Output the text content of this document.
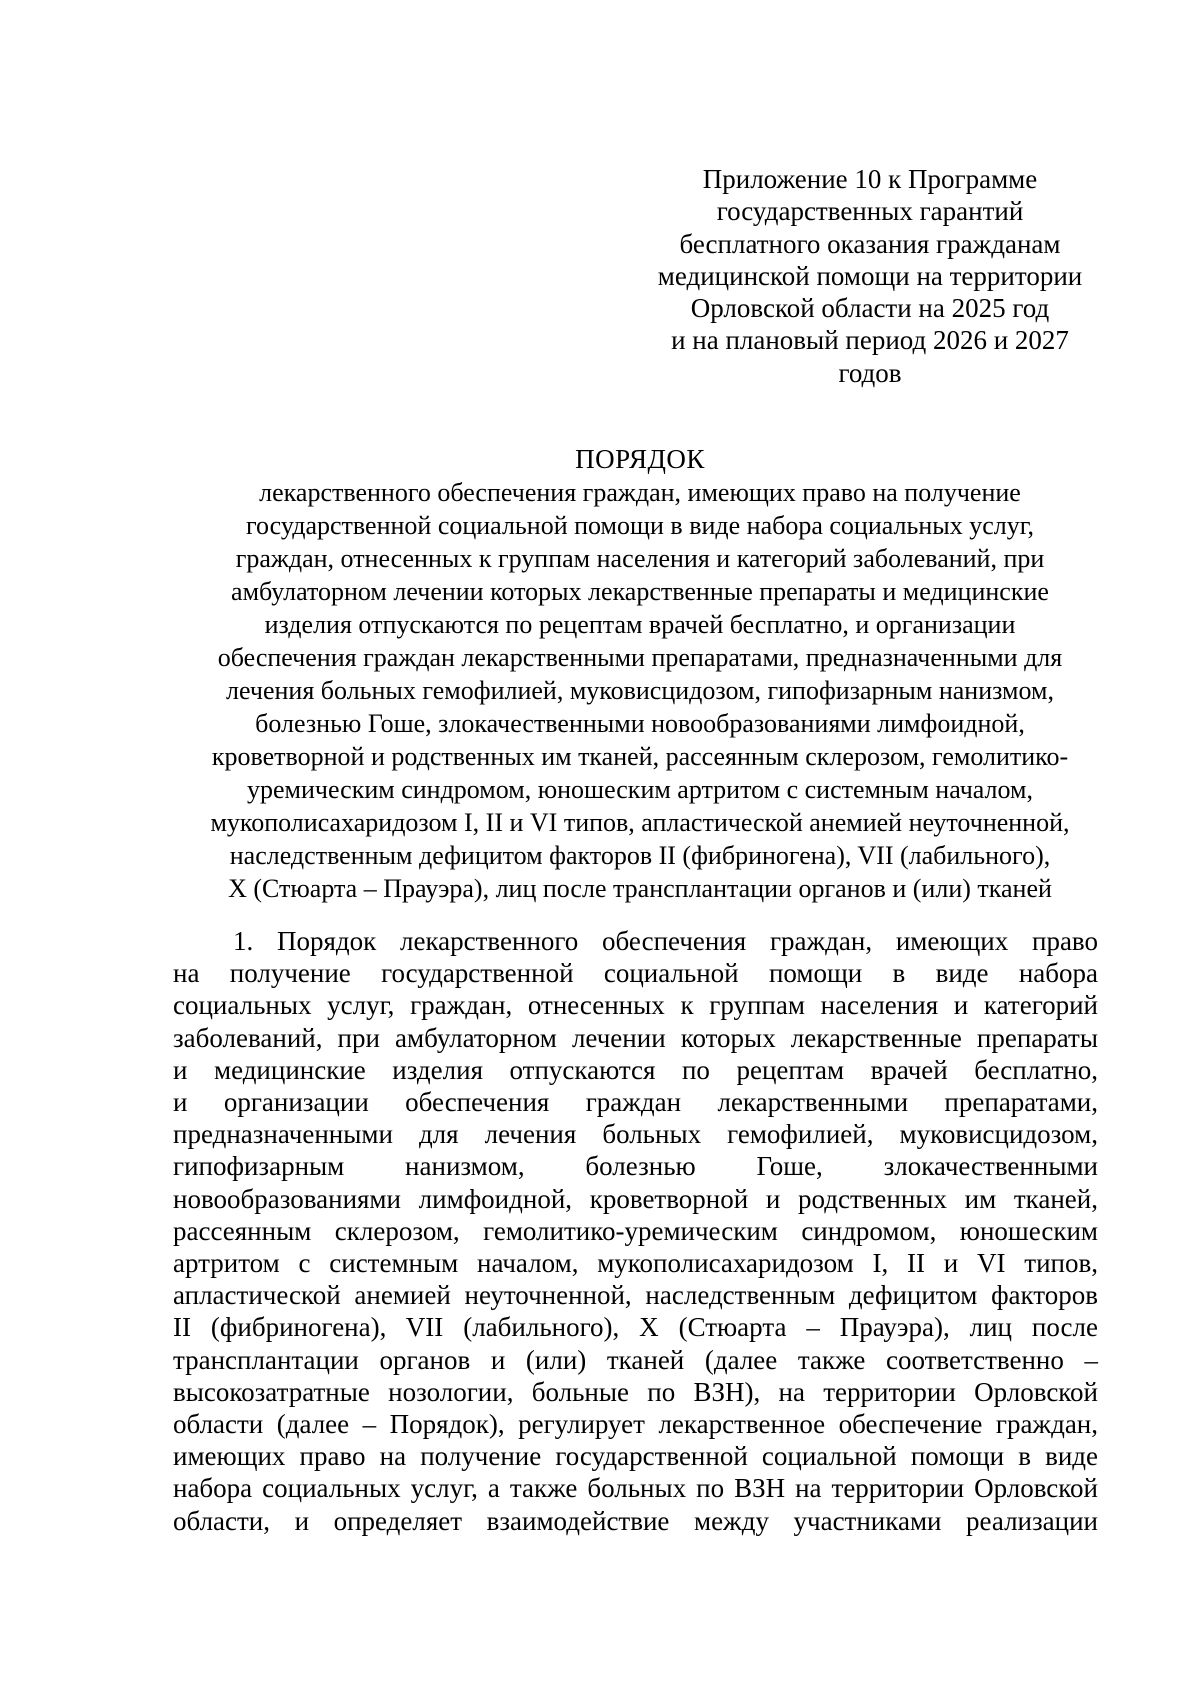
Приложение 10 к Программе
государственных гарантий
бесплатного оказания гражданам
медицинской помощи на территории
Орловской области на 2025 год
и на плановый период 2026 и 2027
годов
ПОРЯДОК
лекарственного обеспечения граждан, имеющих право на получение
государственной социальной помощи в виде набора социальных услуг,
граждан, отнесенных к группам населения и категорий заболеваний, при
амбулаторном лечении которых лекарственные препараты и медицинские
изделия отпускаются по рецептам врачей бесплатно, и организации
обеспечения граждан лекарственными препаратами, предназначенными для
лечения больных гемофилией, муковисцидозом, гипофизарным нанизмом,
болезнью Гоше, злокачественными новообразованиями лимфоидной,
кроветворной и родственных им тканей, рассеянным склерозом, гемолитико-
уремическим синдромом, юношеским артритом с системным началом,
мукополисахаридозом I, II и VI типов, апластической анемией неуточненной,
наследственным дефицитом факторов II (фибриногена), VII (лабильного),
X (Стюарта – Прауэра), лиц после трансплантации органов и (или) тканей
1. Порядок лекарственного обеспечения граждан, имеющих право
на получение государственной социальной помощи в виде набора
социальных услуг, граждан, отнесенных к группам населения и категорий
заболеваний, при амбулаторном лечении которых лекарственные препараты
и медицинские изделия отпускаются по рецептам врачей бесплатно,
и организации обеспечения граждан лекарственными препаратами,
предназначенными для лечения больных гемофилией, муковисцидозом,
гипофизарным нанизмом, болезнью Гоше, злокачественными
новообразованиями лимфоидной, кроветворной и родственных им тканей,
рассеянным склерозом, гемолитико-уремическим синдромом, юношеским
артритом с системным началом, мукополисахаридозом I, II и VI типов,
апластической анемией неуточненной, наследственным дефицитом факторов
II (фибриногена), VII (лабильного), X (Стюарта – Прауэра), лиц после
трансплантации органов и (или) тканей (далее также соответственно –
высокозатратные нозологии, больные по ВЗН), на территории Орловской
области (далее – Порядок), регулирует лекарственное обеспечение граждан,
имеющих право на получение государственной социальной помощи в виде
набора социальных услуг, а также больных по ВЗН на территории Орловской
области, и определяет взаимодействие между участниками реализации
